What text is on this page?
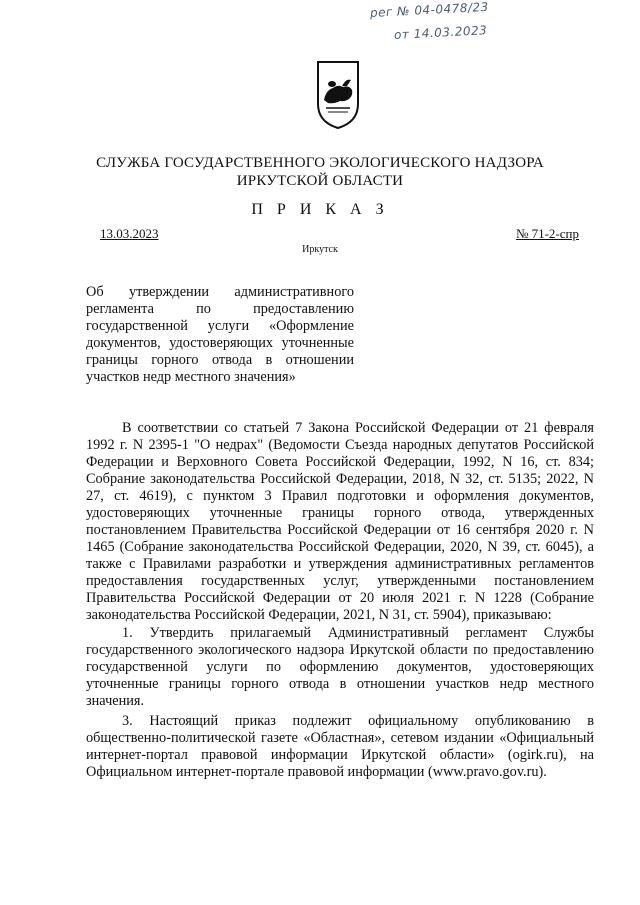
рег № 04-0478/23
от 14.03.2023
СЛУЖБА ГОСУДАРСТВЕННОГО ЭКОЛОГИЧЕСКОГО НАДЗОРА
ИРКУТСКОЙ ОБЛАСТИ
П Р И К А З
13.03.2023	№ 71-2-спр
Иркутск
Об утверждении административного регламента по предоставлению государственной услуги «Оформление документов, удостоверяющих уточненные границы горного отвода в отношении участков недр местного значения»

В соответствии со статьей 7 Закона Российской Федерации от 21 февраля 1992 г. N 2395-1 "О недрах" (Ведомости Съезда народных депутатов Российской Федерации и Верховного Совета Российской Федерации, 1992, N 16, ст. 834; Собрание законодательства Российской Федерации, 2018, N 32, ст. 5135; 2022, N 27, ст. 4619), с пунктом 3 Правил подготовки и оформления документов, удостоверяющих уточненные границы горного отвода, утвержденных постановлением Правительства Российской Федерации от 16 сентября 2020 г. N 1465 (Собрание законодательства Российской Федерации, 2020, N 39, ст. 6045), а также с Правилами разработки и утверждения административных регламентов предоставления государственных услуг, утвержденными постановлением Правительства Российской Федерации от 20 июля 2021 г. N 1228 (Собрание законодательства Российской Федерации, 2021, N 31, ст. 5904), приказываю:

1. Утвердить прилагаемый Административный регламент Службы государственного экологического надзора Иркутской области по предоставлению государственной услуги по оформлению документов, удостоверяющих уточненные границы горного отвода в отношении участков недр местного значения.

3. Настоящий приказ подлежит официальному опубликованию в общественно-политической газете «Областная», сетевом издании «Официальный интернет-портал правовой информации Иркутской области» (ogirk.ru), на Официальном интернет-портале правовой информации (www.pravo.gov.ru).
